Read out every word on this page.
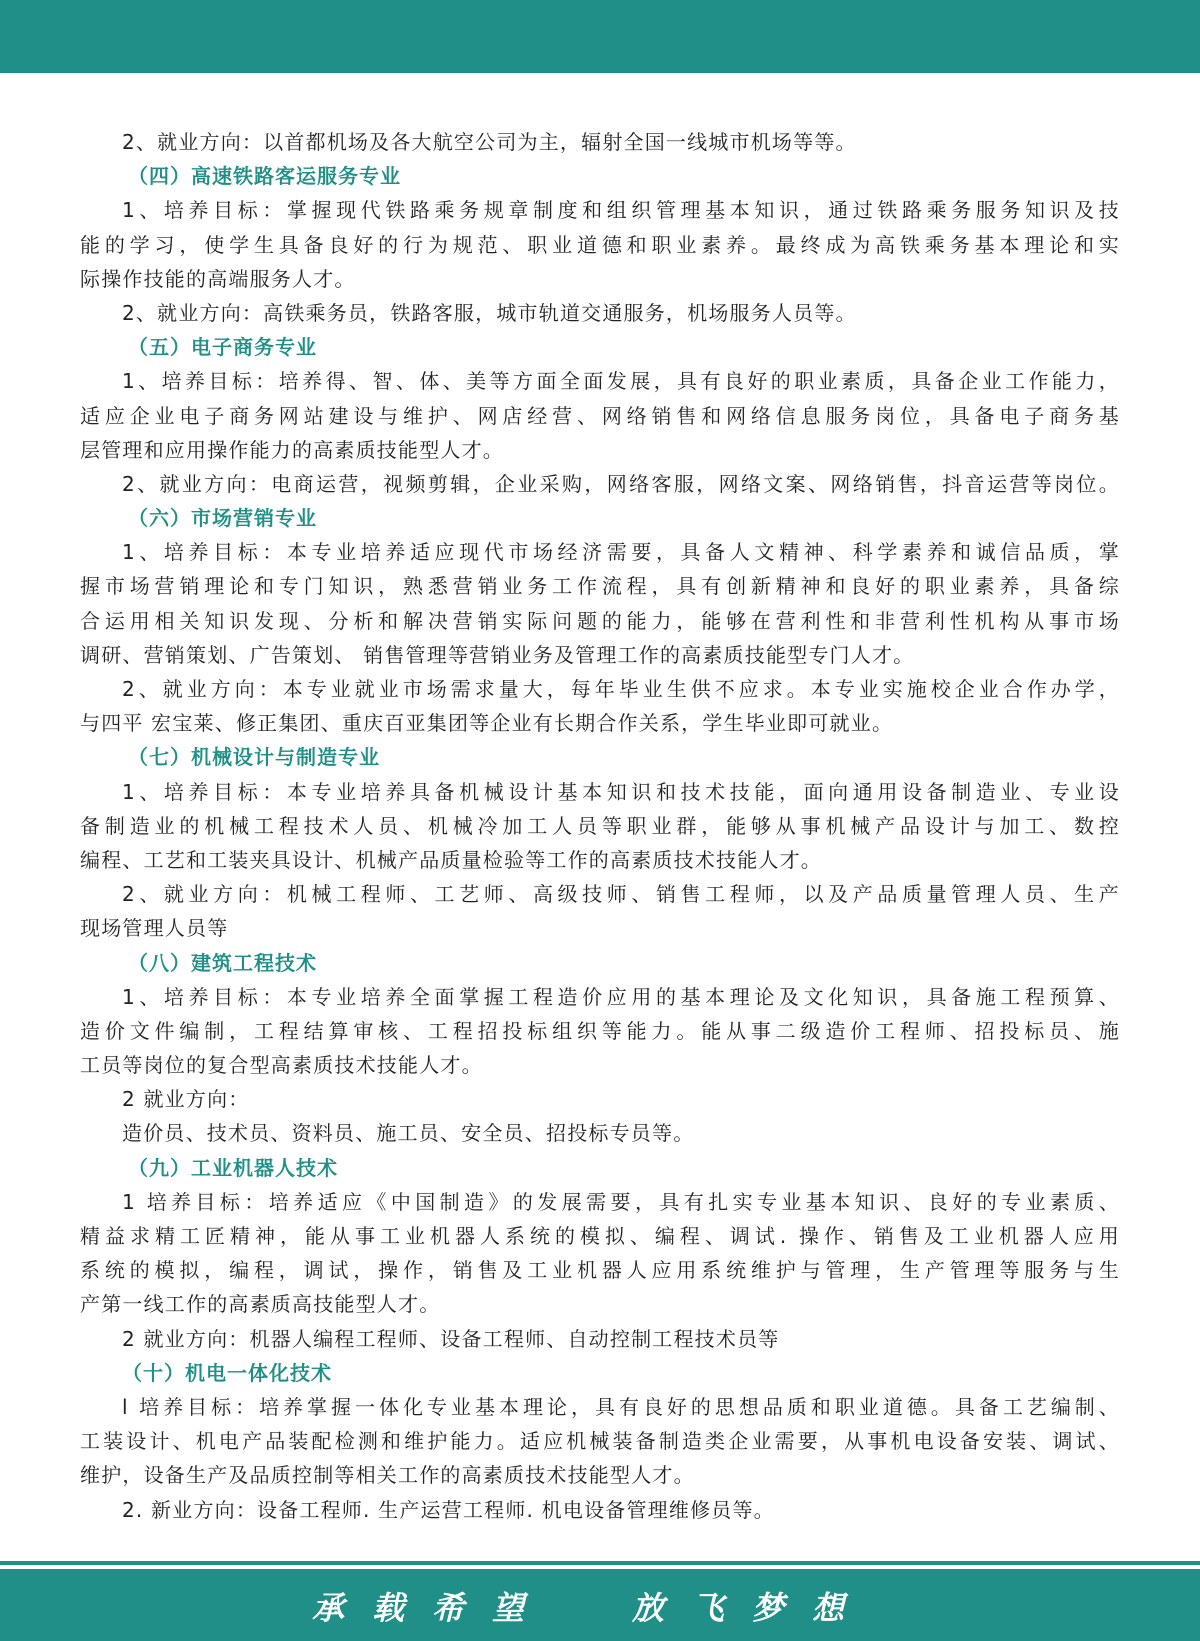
2、就业方向：以首都机场及各大航空公司为主，辐射全国一线城市机场等等。
（四）高速铁路客运服务专业
1、培养目标：掌握现代铁路乘务规章制度和组织管理基本知识，通过铁路乘务服务知识及技
能的学习，使学生具备良好的行为规范、职业道德和职业素养。最终成为高铁乘务基本理论和实
际操作技能的高端服务人才。
2、就业方向：高铁乘务员，铁路客服，城市轨道交通服务，机场服务人员等。
（五）电子商务专业
1、培养目标：培养得、智、体、美等方面全面发展，具有良好的职业素质，具备企业工作能力，
适应企业电子商务网站建设与维护、网店经营、网络销售和网络信息服务岗位，具备电子商务基
层管理和应用操作能力的高素质技能型人才。
2、就业方向：电商运营，视频剪辑，企业采购，网络客服，网络文案、网络销售，抖音运营等岗位。
（六）市场营销专业
1、培养目标：本专业培养适应现代市场经济需要，具备人文精神、科学素养和诚信品质，掌
握市场营销理论和专门知识，熟悉营销业务工作流程，具有创新精神和良好的职业素养，具备综
合运用相关知识发现、分析和解决营销实际问题的能力，能够在营利性和非营利性机构从事市场
调研、营销策划、广告策划、 销售管理等营销业务及管理工作的高素质技能型专门人才。
2、就业方向：本专业就业市场需求量大，每年毕业生供不应求。本专业实施校企业合作办学，
与四平 宏宝莱、修正集团、重庆百亚集团等企业有长期合作关系，学生毕业即可就业。
（七）机械设计与制造专业
1、培养目标：本专业培养具备机械设计基本知识和技术技能，面向通用设备制造业、专业设
备制造业的机械工程技术人员、机械冷加工人员等职业群，能够从事机械产品设计与加工、数控
编程、工艺和工装夹具设计、机械产品质量检验等工作的高素质技术技能人才。
2、就业方向：机械工程师、工艺师、高级技师、销售工程师，以及产品质量管理人员、生产
现场管理人员等
（八）建筑工程技术
1、培养目标：本专业培养全面掌握工程造价应用的基本理论及文化知识，具备施工程预算、
造价文件编制，工程结算审核、工程招投标组织等能力。能从事二级造价工程师、招投标员、施
工员等岗位的复合型高素质技术技能人才。
2 就业方向：
造价员、技术员、资料员、施工员、安全员、招投标专员等。
（九）工业机器人技术
1 培养目标：培养适应《中国制造》的发展需要，具有扎实专业基本知识、良好的专业素质、
精益求精工匠精神，能从事工业机器人系统的模拟、编程、调试. 操作、销售及工业机器人应用
系统的模拟，编程，调试，操作，销售及工业机器人应用系统维护与管理，生产管理等服务与生
产第一线工作的高素质高技能型人才。
2 就业方向：机器人编程工程师、设备工程师、自动控制工程技术员等
（十）机电一体化技术
l 培养目标：培养掌握一体化专业基本理论，具有良好的思想品质和职业道德。具备工艺编制、
工装设计、机电产品装配检测和维护能力。适应机械装备制造类企业需要，从事机电设备安装、调试、
维护，设备生产及品质控制等相关工作的高素质技术技能型人才。
2. 新业方向：设备工程师. 生产运营工程师. 机电设备管理维修员等。
承载希望 放飞梦想
